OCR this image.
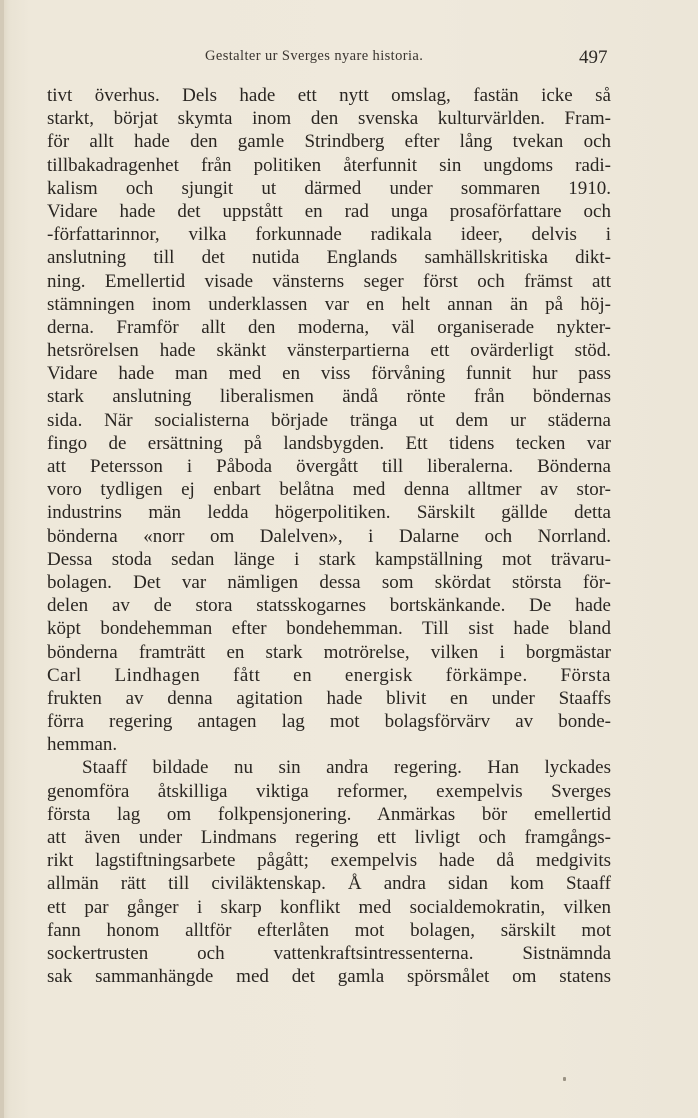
Gestalter ur Sverges nyare historia.	497
tivt överhus. Dels hade ett nytt omslag, fastän icke så
starkt, börjat skymta inom den svenska kulturvärlden. Fram-
för allt hade den gamle Strindberg efter lång tvekan och
tillbakadragenhet från politiken återfunnit sin ungdoms radi-
kalism och sjungit ut därmed under sommaren 1910.
Vidare hade det uppstått en rad unga prosaförfattare och
-författarinnor, vilka forkunnade radikala ideer, delvis i
anslutning till det nutida Englands samhällskritiska dikt-
ning. Emellertid visade vänsterns seger först och främst att
stämningen inom underklassen var en helt annan än på höj-
derna. Framför allt den moderna, väl organiserade nykter-
hetsrörelsen hade skänkt vänsterpartierna ett ovärderligt stöd.
Vidare hade man med en viss förvåning funnit hur pass
stark anslutning liberalismen ändå rönte från böndernas
sida. När socialisterna började tränga ut dem ur städerna
fingo de ersättning på landsbygden. Ett tidens tecken var
att Petersson i Påboda övergått till liberalerna. Bönderna
voro tydligen ej enbart belåtna med denna alltmer av stor-
industrins män ledda högerpolitiken. Särskilt gällde detta
bönderna «norr om Dalelven», i Dalarne och Norrland.
Dessa stoda sedan länge i stark kampställning mot trävaru-
bolagen. Det var nämligen dessa som skördat största för-
delen av de stora statsskogarnes bortskänkande. De hade
köpt bondehemman efter bondehemman. Till sist hade bland
bönderna framträtt en stark motrörelse, vilken i borgmästar
Carl Lindhagen fått en energisk förkämpe. Första
frukten av denna agitation hade blivit en under Staaffs
förra regering antagen lag mot bolagsförvärv av bonde-
hemman.
Staaff bildade nu sin andra regering. Han lyckades
genomföra åtskilliga viktiga reformer, exempelvis Sverges
första lag om folkpensjonering. Anmärkas bör emellertid
att även under Lindmans regering ett livligt och framgångs-
rikt lagstiftningsarbete pågått; exempelvis hade då medgivits
allmän rätt till civiläktenskap. Å andra sidan kom Staaff
ett par gånger i skarp konflikt med socialdemokratin, vilken
fann honom alltför efterlåten mot bolagen, särskilt mot
sockertrusten och vattenkraftsintressenterna. Sistnämnda
sak sammanhängde med det gamla spörsmålet om statens
